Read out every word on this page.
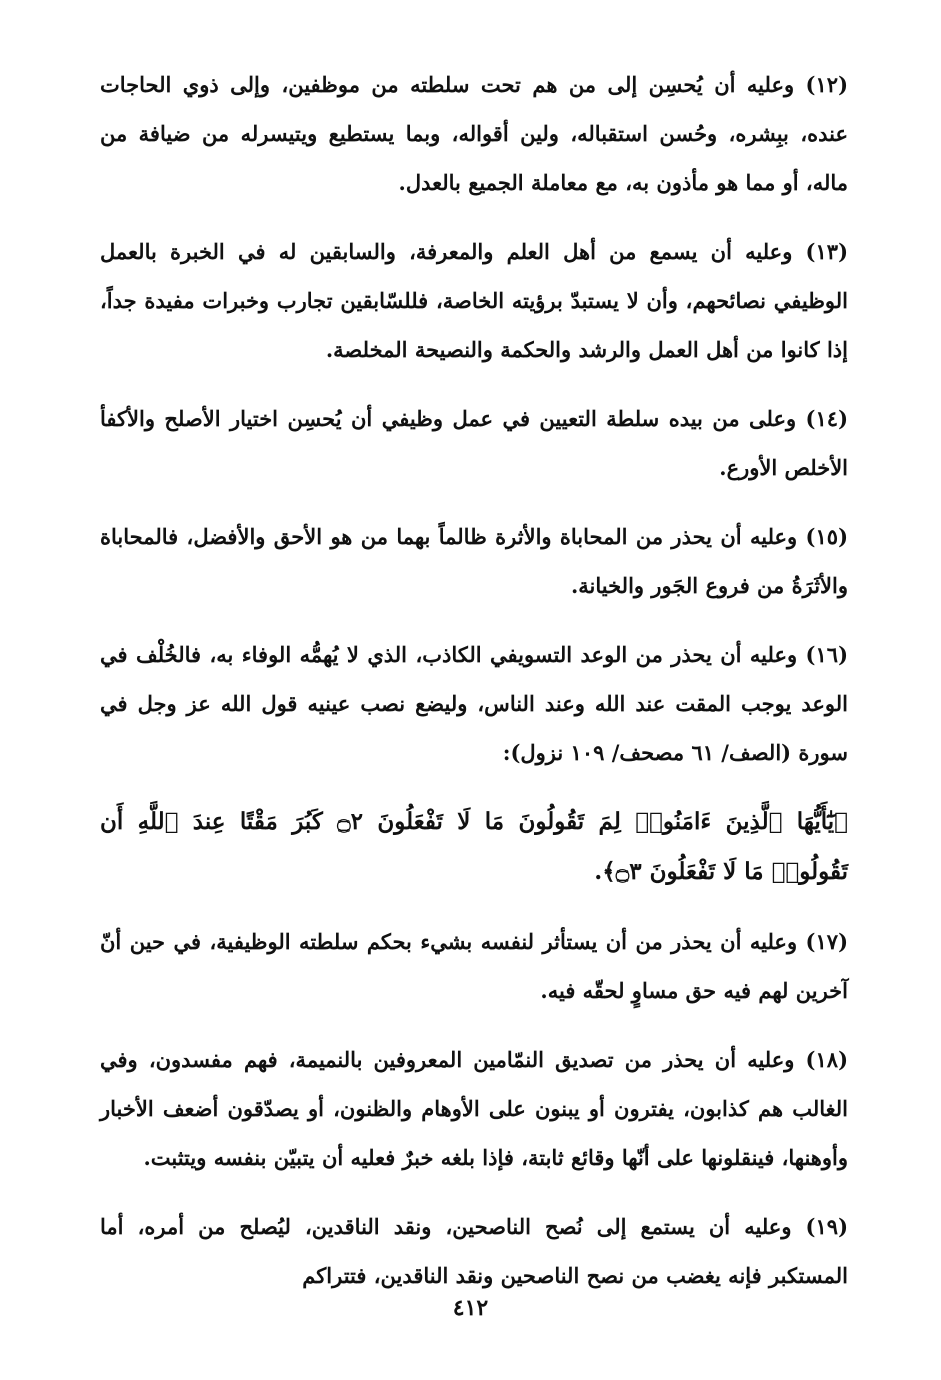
(١٢) وعليه أن يُحسِن إلى من هم تحت سلطته من موظفين، وإلى ذوي الحاجات عنده، ببِشره، وحُسن استقباله، ولين أقواله، وبما يستطيع ويتيسرله من ضيافة من ماله، أو مما هو مأذون به، مع معاملة الجميع بالعدل.

(١٣) وعليه أن يسمع من أهل العلم والمعرفة، والسابقين له في الخبرة بالعمل الوظيفي نصائحهم، وأن لا يستبدّ برؤيته الخاصة، فللسّابقين تجارب وخبرات مفيدة جداً، إذا كانوا من أهل العمل والرشد والحكمة والنصيحة المخلصة.

(١٤) وعلى من بيده سلطة التعيين في عمل وظيفي أن يُحسِن اختيار الأصلح والأكفأ الأخلص الأورع.

(١٥) وعليه أن يحذر من المحاباة والأثرة ظالماً بهما من هو الأحق والأفضل، فالمحاباة والأثَرَةُ من فروع الجَور والخيانة.

(١٦) وعليه أن يحذر من الوعد التسويفي الكاذب، الذي لا يُهمُّه الوفاء به، فالخُلْف في الوعد يوجب المقت عند الله وعند الناس، وليضع نصب عينيه قول الله عز وجل في سورة (الصف/ ٦١ مصحف/ ١٠٩ نزول):

﴿يَٰٓأَيُّهَا ٱلَّذِينَ ءَامَنُوا۟ لِمَ تَقُولُونَ مَا لَا تَفْعَلُونَ ۝٢ كَبُرَ مَقْتًا عِندَ ٱللَّهِ أَن تَقُولُوا۟ مَا لَا تَفْعَلُونَ ۝٣﴾.

(١٧) وعليه أن يحذر من أن يستأثر لنفسه بشيء بحكم سلطته الوظيفية، في حين أنّ آخرين لهم فيه حق مساوٍ لحقّه فيه.

(١٨) وعليه أن يحذر من تصديق النمّامين المعروفين بالنميمة، فهم مفسدون، وفي الغالب هم كذابون، يفترون أو يبنون على الأوهام والظنون، أو يصدّقون أضعف الأخبار وأوهنها، فينقلونها على أنّها وقائع ثابتة، فإذا بلغه خبرٌ فعليه أن يتبيّن بنفسه ويتثبت.

(١٩) وعليه أن يستمع إلى نُصح الناصحين، ونقد الناقدين، ليُصلح من أمره، أما المستكبر فإنه يغضب من نصح الناصحين ونقد الناقدين، فتتراكم

٤١٢
